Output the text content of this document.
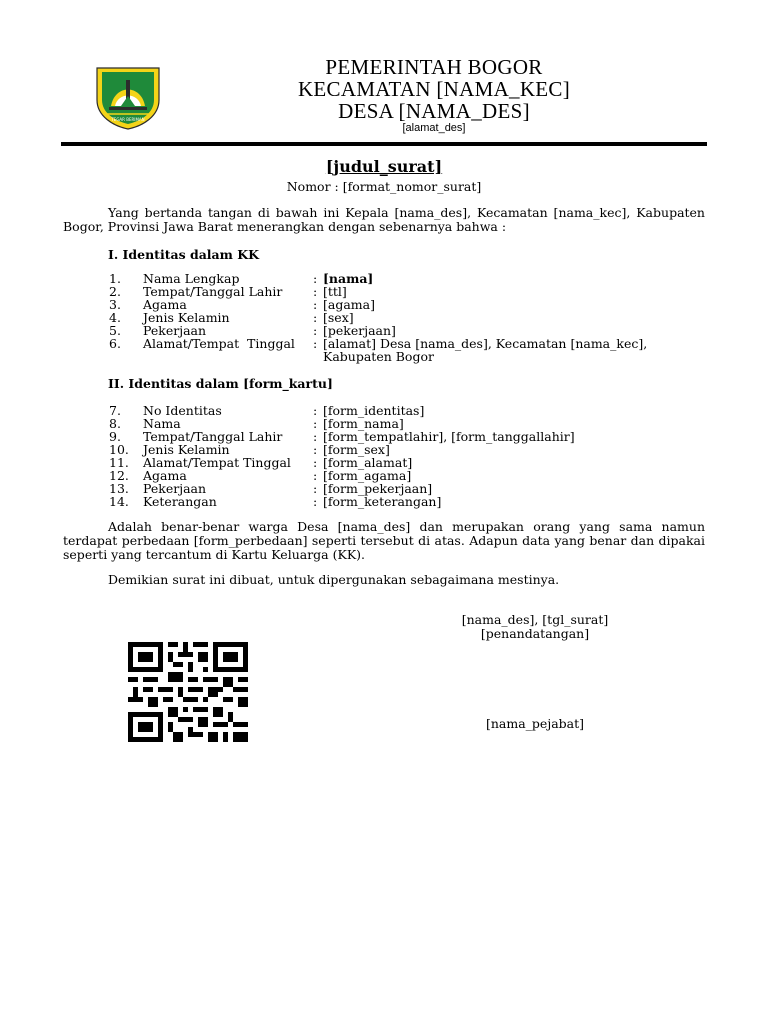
TEGAR BERIMAN
PEMERINTAH BOGOR
KECAMATAN [NAMA_KEC]
DESA [NAMA_DES]
[alamat_des]
[judul_surat]
Nomor : [format_nomor_surat]
Yang bertanda tangan di bawah ini Kepala [nama_des], Kecamatan [nama_kec], Kabupaten Bogor, Provinsi Jawa Barat menerangkan dengan sebenarnya bahwa :
I. Identitas dalam KK
1. Nama Lengkap	: [nama]
2. Tempat/Tanggal Lahir : [ttl]
3. Agama	: [agama]
4. Jenis Kelamin	: [sex]
5. Pekerjaan	: [pekerjaan]
6. Alamat/Tempat  Tinggal : [alamat] Desa [nama_des], Kecamatan [nama_kec],
Kabupaten Bogor
II. Identitas dalam [form_kartu]
7. No Identitas	: [form_identitas]
8. Nama	: [form_nama]
9. Tempat/Tanggal Lahir : [form_tempatlahir], [form_tanggallahir]
10. Jenis Kelamin	: [form_sex]
11. Alamat/Tempat Tinggal : [form_alamat]
12. Agama	: [form_agama]
13. Pekerjaan	: [form_pekerjaan]
14. Keterangan	: [form_keterangan]
Adalah benar-benar warga Desa [nama_des] dan merupakan orang yang sama namun terdapat perbedaan [form_perbedaan] seperti tersebut di atas. Adapun data yang benar dan dipakai seperti yang tercantum di Kartu Keluarga (KK).
Demikian surat ini dibuat, untuk dipergunakan sebagaimana mestinya.
[nama_des], [tgl_surat]
[penandatangan]
[nama_pejabat]
